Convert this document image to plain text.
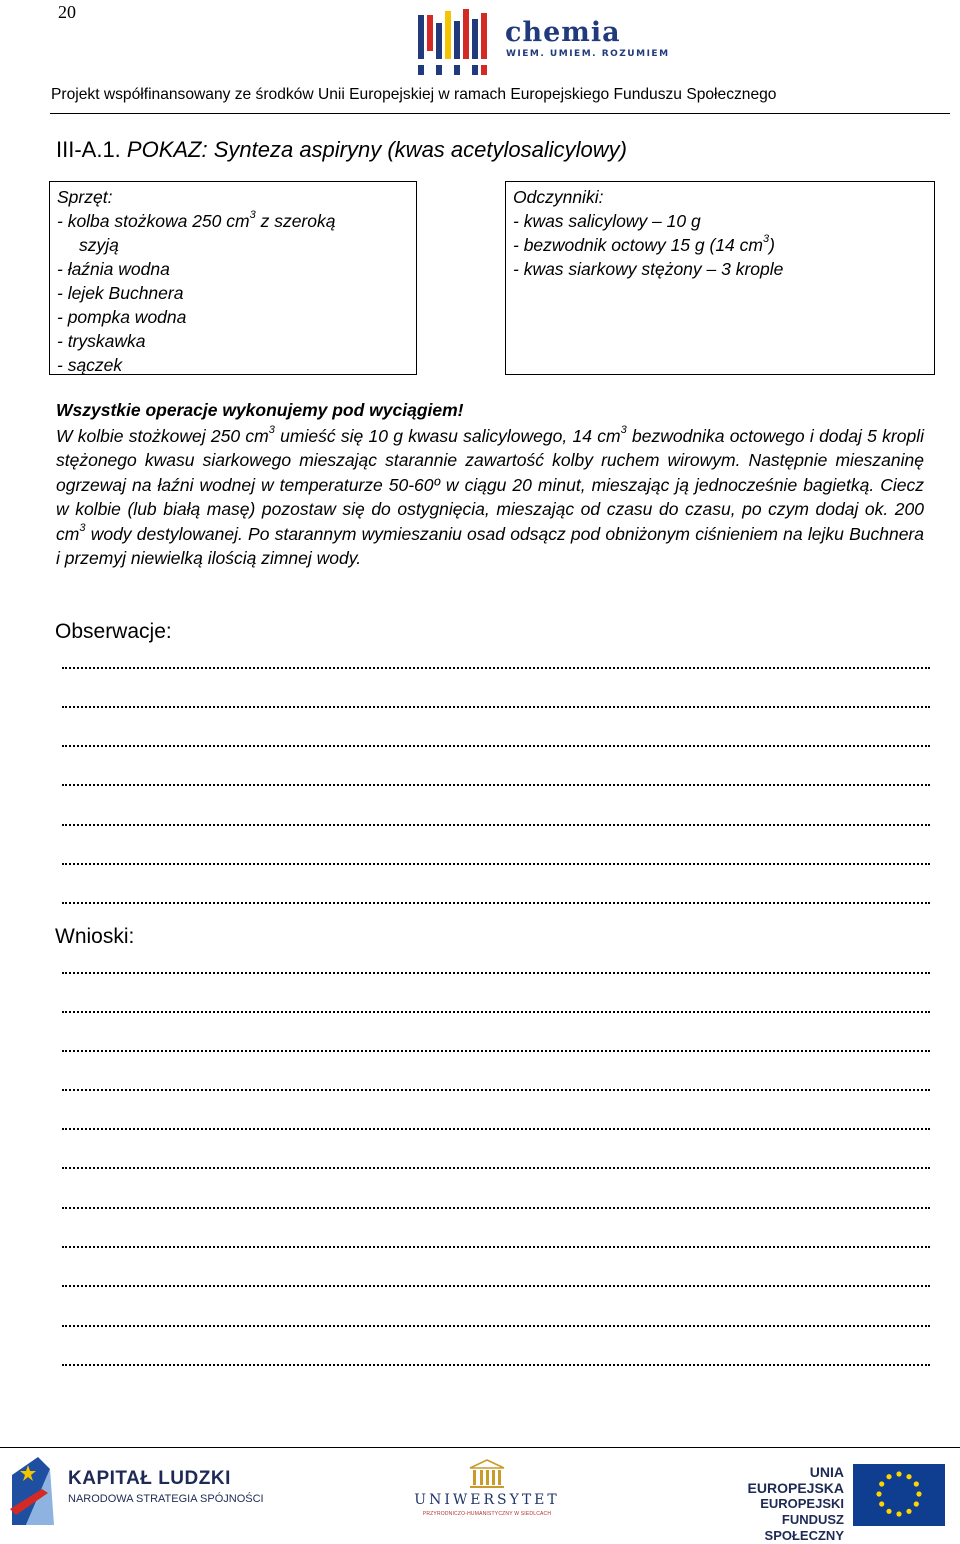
20
chemia
WIEM. UMIEM. ROZUMIEM
Projekt współfinansowany ze środków Unii Europejskiej w ramach Europejskiego Funduszu Społecznego
III-A.1. POKAZ: Synteza aspiryny (kwas acetylosalicylowy)
Sprzęt:
- kolba stożkowa 250 $cm^3$ z szeroką
szyją
- łaźnia wodna
- lejek Buchnera
- pompka wodna
- tryskawka
- sączek
Odczynniki:
- kwas salicylowy – 10 g
- bezwodnik octowy 15 g (14 $cm^3$)
- kwas siarkowy stężony – 3 krople
Wszystkie operacje wykonujemy pod wyciągiem!

W kolbie stożkowej 250 $cm^3$ umieść się 10 g kwasu salicylowego, 14 $cm^3$ bezwodnika octowego i dodaj 5 kropli stężonego kwasu siarkowego mieszając starannie zawartość kolby ruchem wirowym. Następnie mieszaninę ogrzewaj na łaźni wodnej w temperaturze 50-60º w ciągu 20 minut, mieszając ją jednocześnie bagietką. Ciecz w kolbie (lub białą masę) pozostaw się do ostygnięcia, mieszając od czasu do czasu, po czym dodaj ok. 200 $cm^3$ wody destylowanej. Po starannym wymieszaniu osad odsącz pod obniżonym ciśnieniem na lejku Buchnera i przemyj niewielką ilością zimnej wody.

Obserwacje:
Wnioski:
KAPITAŁ LUDZKI
NARODOWA STRATEGIA SPÓJNOŚCI	UNIWERSYTET
PRZYRODNICZO-HUMANISTYCZNY W SIEDLCACH
UNIA EUROPEJSKA
EUROPEJSKI
FUNDUSZ SPOŁECZNY
